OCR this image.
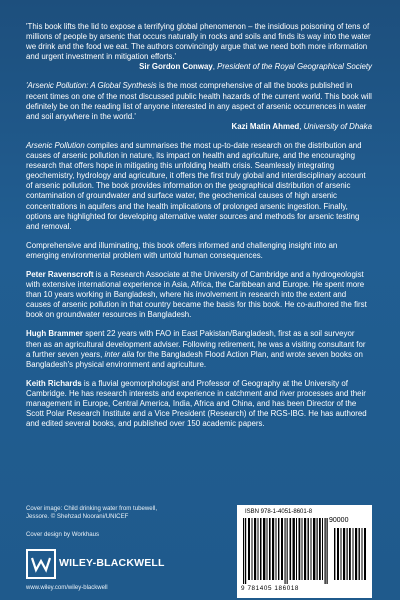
'This book lifts the lid to expose a terrifying global phenomenon – the insidious poisoning of tens of millions of people by arsenic that occurs naturally in rocks and soils and finds its way into the water we drink and the food we eat. The authors convincingly argue that we need both more information and urgent investment in mitigation efforts.'

Sir Gordon Conway, President of the Royal Geographical Society

'Arsenic Pollution: A Global Synthesis is the most comprehensive of all the books published in recent times on one of the most discussed public health hazards of the current world. This book will definitely be on the reading list of anyone interested in any aspect of arsenic occurrences in water and soil anywhere in the world.'

Kazi Matin Ahmed, University of Dhaka

Arsenic Pollution compiles and summarises the most up-to-date research on the distribution and causes of arsenic pollution in nature, its impact on health and agriculture, and the encouraging research that offers hope in mitigating this unfolding health crisis. Seamlessly integrating geochemistry, hydrology and agriculture, it offers the first truly global and interdisciplinary account of arsenic pollution. The book provides information on the geographical distribution of arsenic contamination of groundwater and surface water, the geochemical causes of high arsenic concentrations in aquifers and the health implications of prolonged arsenic ingestion. Finally, options are highlighted for developing alternative water sources and methods for arsenic testing and removal.

Comprehensive and illuminating, this book offers informed and challenging insight into an emerging environmental problem with untold human consequences.

Peter Ravenscroft is a Research Associate at the University of Cambridge and a hydrogeologist with extensive international experience in Asia, Africa, the Caribbean and Europe. He spent more than 10 years working in Bangladesh, where his involvement in research into the extent and causes of arsenic pollution in that country became the basis for this book. He co-authored the first book on groundwater resources in Bangladesh.

Hugh Brammer spent 22 years with FAO in East Pakistan/Bangladesh, first as a soil surveyor then as an agricultural development adviser. Following retirement, he was a visiting consultant for a further seven years, inter alia for the Bangladesh Flood Action Plan, and wrote seven books on Bangladesh's physical environment and agriculture.

Keith Richards is a fluvial geomorphologist and Professor of Geography at the University of Cambridge. He has research interests and experience in catchment and river processes and their management in Europe, Central America, India, Africa and China, and has been Director of the Scott Polar Research Institute and a Vice President (Research) of the RGS-IBG. He has authored and edited several books, and published over 150 academic papers.

Cover image: Child drinking water from tubewell, Jessore. © Shehzad Noorani/UNICEF
Cover design by Workhaus
WILEY-BLACKWELL
www.wiley.com/wiley-blackwell
ISBN 978-1-4051-8601-8
90000
9 781405 186018
